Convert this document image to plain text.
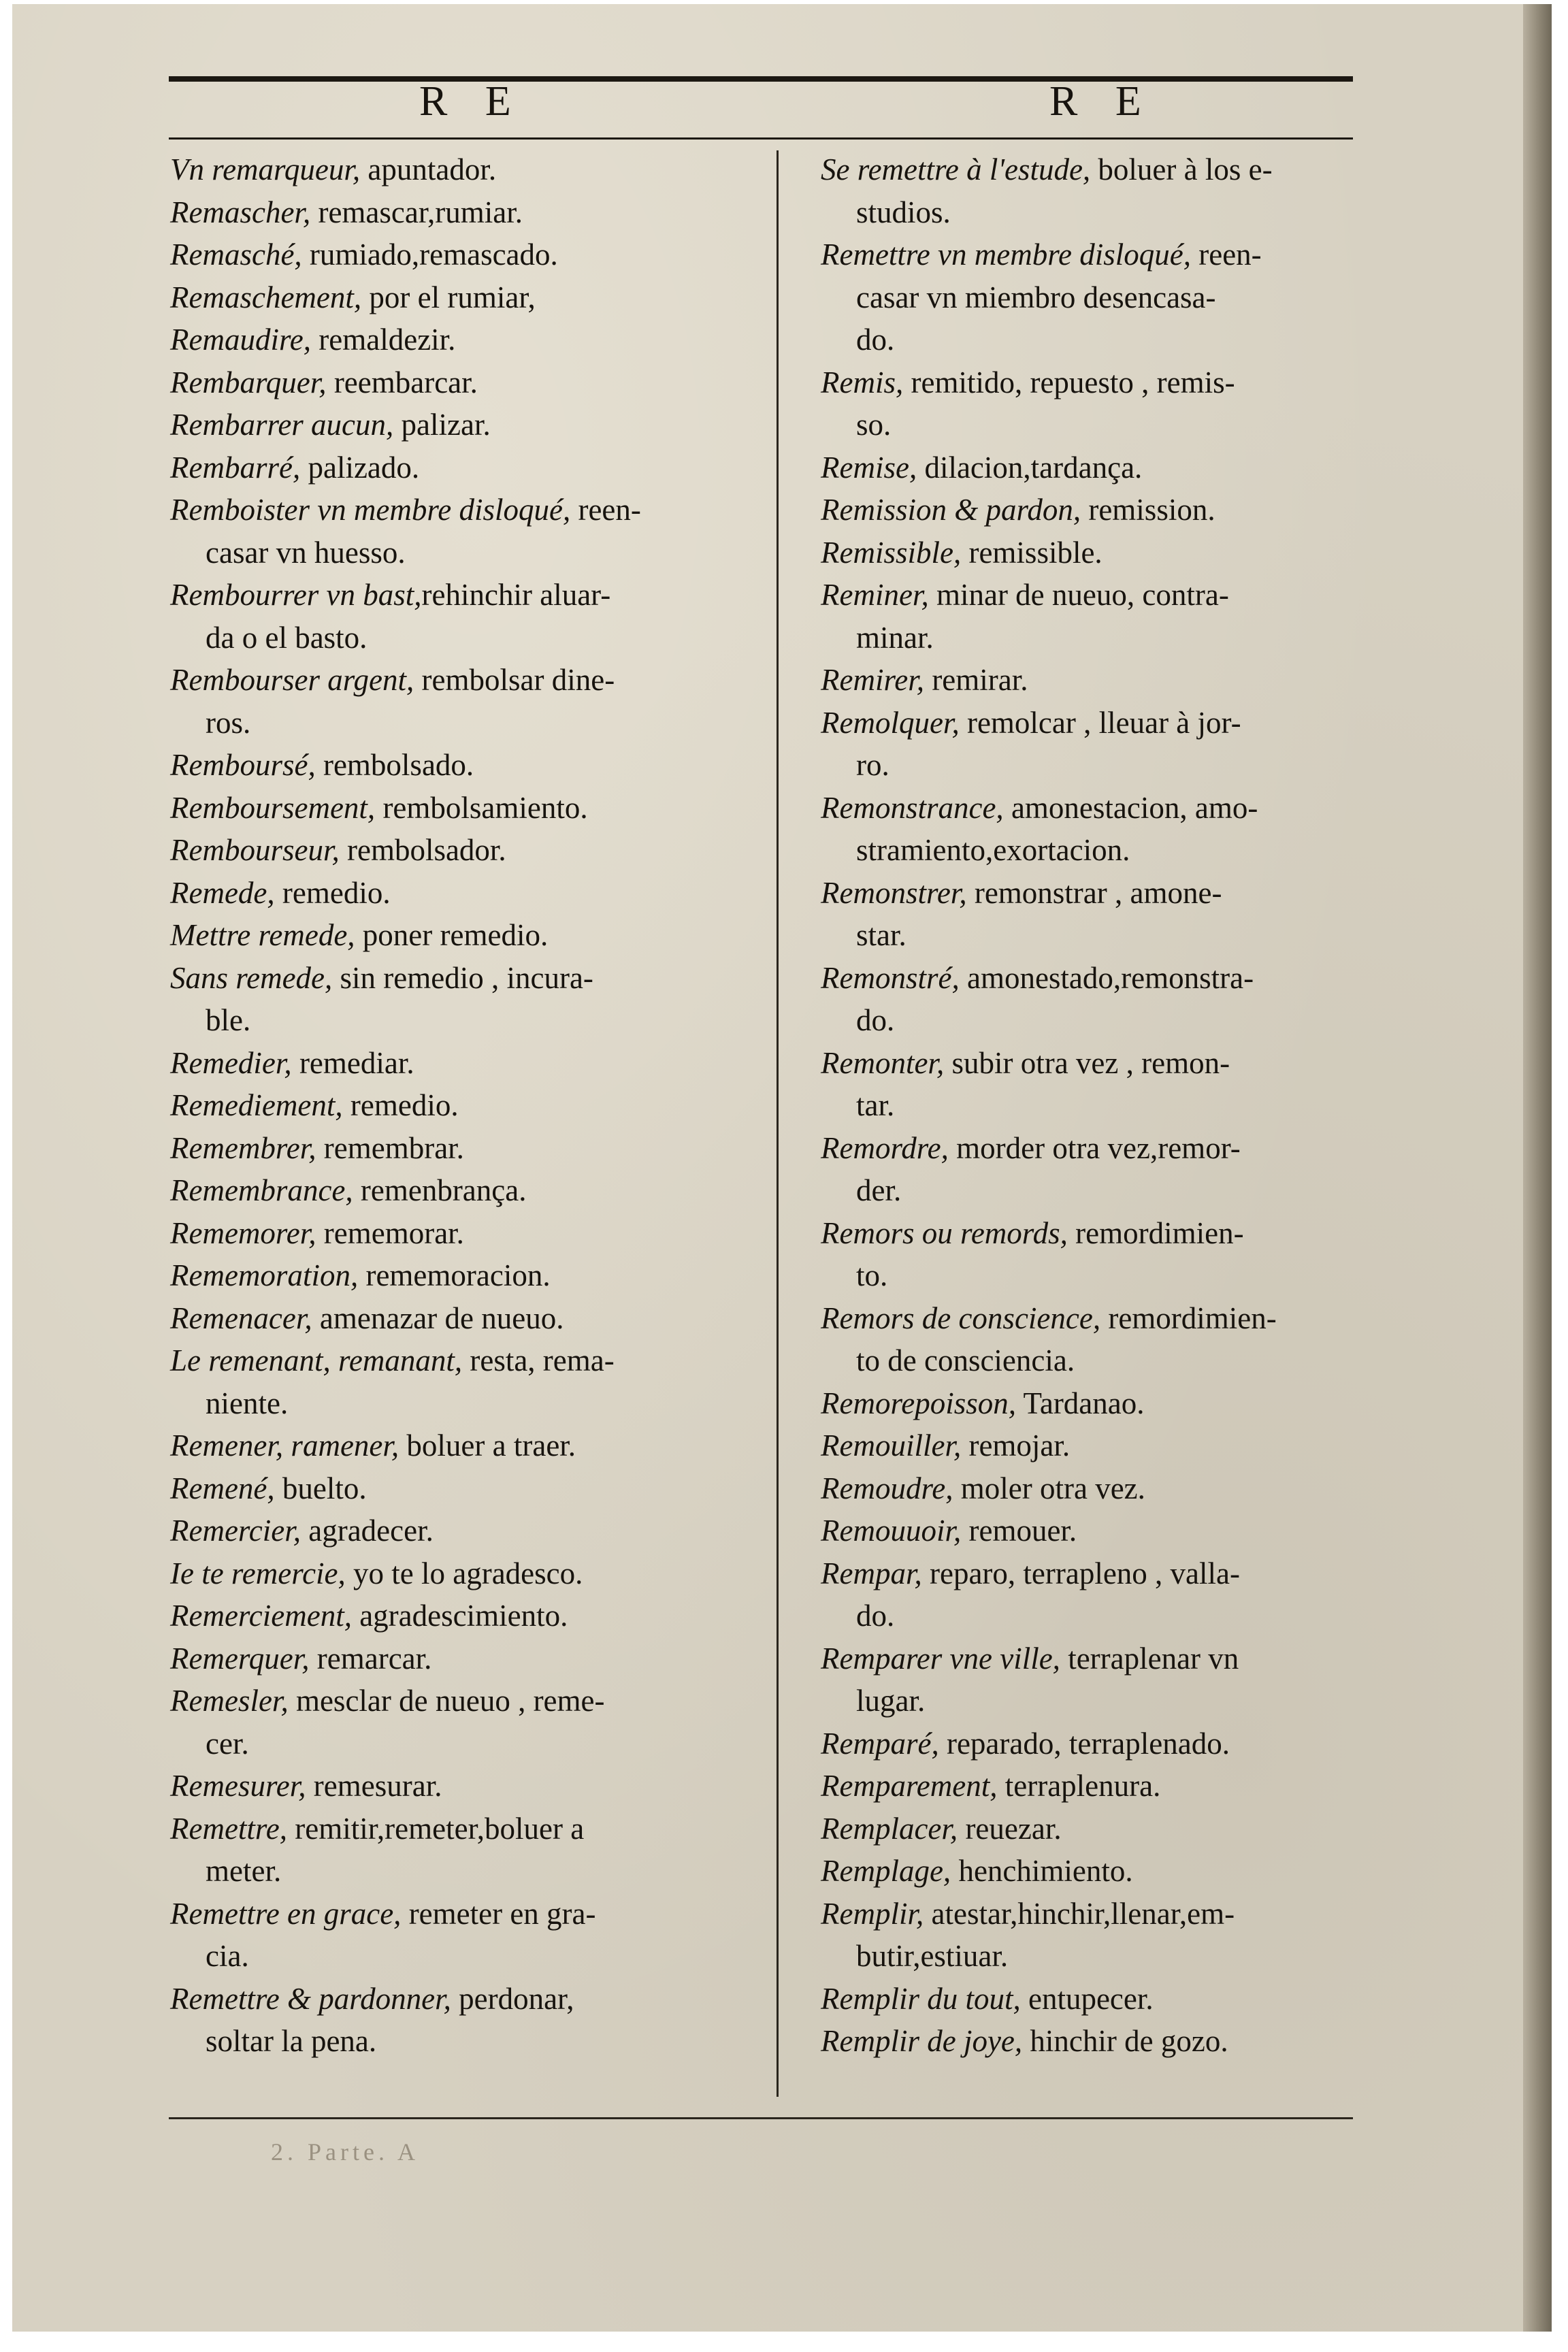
R E	R E
Vn remarqueur, apuntador.
Remascher, remascar,rumiar.
Remasché, rumiado,remascado.
Remaschement, por el rumiar,
Remaudire, remaldezir.
Rembarquer, reembarcar.
Rembarrer aucun, palizar.
Rembarré, palizado.
Remboister vn membre disloqué, reen-
casar vn huesso.
Rembourrer vn bast,rehinchir aluar-
da o el basto.
Rembourser argent, rembolsar dine-
ros.
Remboursé, rembolsado.
Remboursement, rembolsamiento.
Rembourseur, rembolsador.
Remede, remedio.
Mettre remede, poner remedio.
Sans remede, sin remedio , incura-
ble.
Remedier, remediar.
Remediement, remedio.
Remembrer, remembrar.
Remembrance, remenbrança.
Rememorer, rememorar.
Rememoration, rememoracion.
Remenacer, amenazar de nueuo.
Le remenant, remanant, resta, rema-
niente.
Remener, ramener, boluer a traer.
Remené, buelto.
Remercier, agradecer.
Ie te remercie, yo te lo agradesco.
Remerciement, agradescimiento.
Remerquer, remarcar.
Remesler, mesclar de nueuo , reme-
cer.
Remesurer, remesurar.
Remettre, remitir,remeter,boluer a
meter.
Remettre en grace, remeter en gra-
cia.
Remettre & pardonner, perdonar,
soltar la pena.
Se remettre à l'estude, boluer à los e-
studios.
Remettre vn membre disloqué, reen-
casar vn miembro desencasa-
do.
Remis, remitido, repuesto , remis-
so.
Remise, dilacion,tardança.
Remission & pardon, remission.
Remissible, remissible.
Reminer, minar de nueuo, contra-
minar.
Remirer, remirar.
Remolquer, remolcar , lleuar à jor-
ro.
Remonstrance, amonestacion, amo-
stramiento,exortacion.
Remonstrer, remonstrar , amone-
star.
Remonstré, amonestado,remonstra-
do.
Remonter, subir otra vez , remon-
tar.
Remordre, morder otra vez,remor-
der.
Remors ou remords, remordimien-
to.
Remors de conscience, remordimien-
to de consciencia.
Remorepoisson, Tardanao.
Remouiller, remojar.
Remoudre, moler otra vez.
Remouuoir, remouer.
Rempar, reparo, terrapleno , valla-
do.
Remparer vne ville, terraplenar vn
lugar.
Remparé, reparado, terraplenado.
Remparement, terraplenura.
Remplacer, reuezar.
Remplage, henchimiento.
Remplir, atestar,hinchir,llenar,em-
butir,estiuar.
Remplir du tout, entupecer.
Remplir de joye, hinchir de gozo.
2. Parte. A
